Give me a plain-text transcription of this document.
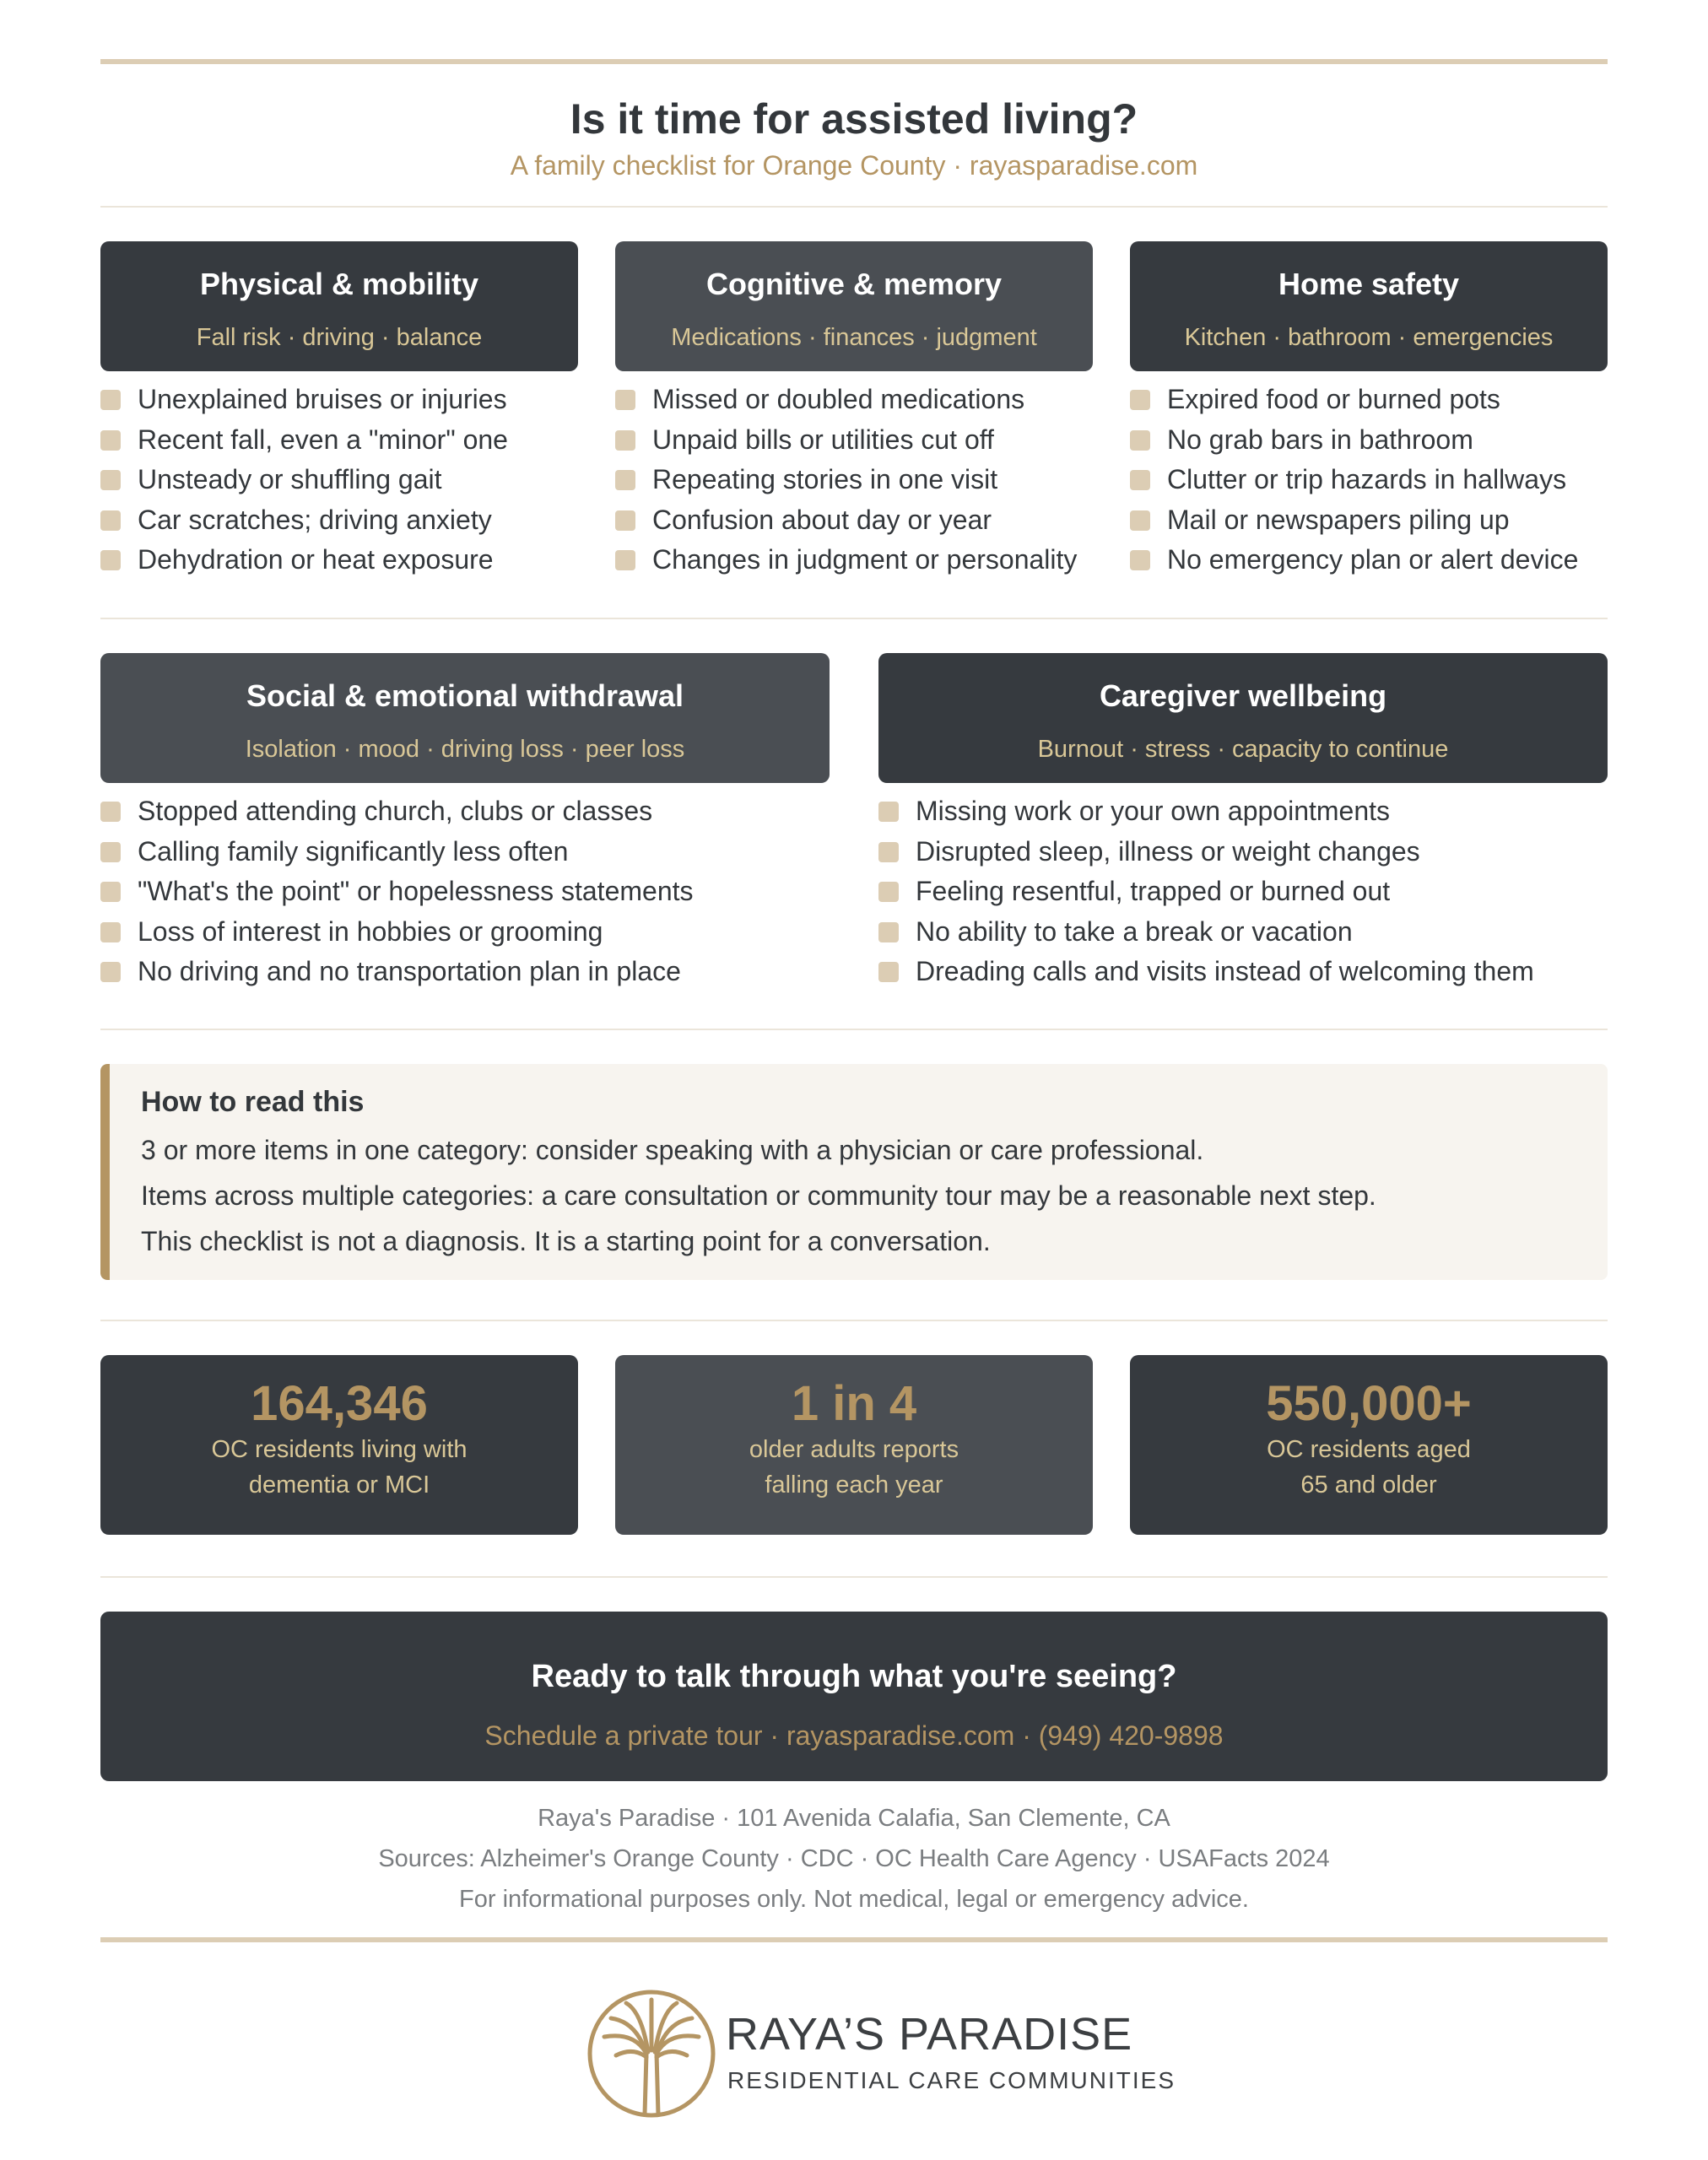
Is it time for assisted living?
A family checklist for Orange County · rayasparadise.com
Physical & mobility
Fall risk · driving · balance
Cognitive & memory
Medications · finances · judgment
Home safety
Kitchen · bathroom · emergencies
Unexplained bruises or injuries
Recent fall, even a "minor" one
Unsteady or shuffling gait
Car scratches; driving anxiety
Dehydration or heat exposure
Missed or doubled medications
Unpaid bills or utilities cut off
Repeating stories in one visit
Confusion about day or year
Changes in judgment or personality
Expired food or burned pots
No grab bars in bathroom
Clutter or trip hazards in hallways
Mail or newspapers piling up
No emergency plan or alert device
Social & emotional withdrawal
Isolation · mood · driving loss · peer loss
Caregiver wellbeing
Burnout · stress · capacity to continue
Stopped attending church, clubs or classes
Calling family significantly less often
"What's the point" or hopelessness statements
Loss of interest in hobbies or grooming
No driving and no transportation plan in place
Missing work or your own appointments
Disrupted sleep, illness or weight changes
Feeling resentful, trapped or burned out
No ability to take a break or vacation
Dreading calls and visits instead of welcoming them
How to read this
3 or more items in one category: consider speaking with a physician or care professional.
Items across multiple categories: a care consultation or community tour may be a reasonable next step.
This checklist is not a diagnosis. It is a starting point for a conversation.
164,346
OC residents living with
dementia or MCI
1 in 4
older adults reports
falling each year
550,000+
OC residents aged
65 and older
Ready to talk through what you're seeing?
Schedule a private tour · rayasparadise.com · (949) 420-9898
Raya's Paradise · 101 Avenida Calafia, San Clemente, CA
Sources: Alzheimer's Orange County · CDC · OC Health Care Agency · USAFacts 2024
For informational purposes only. Not medical, legal or emergency advice.
RAYA’S PARADISE
RESIDENTIAL CARE COMMUNITIES
